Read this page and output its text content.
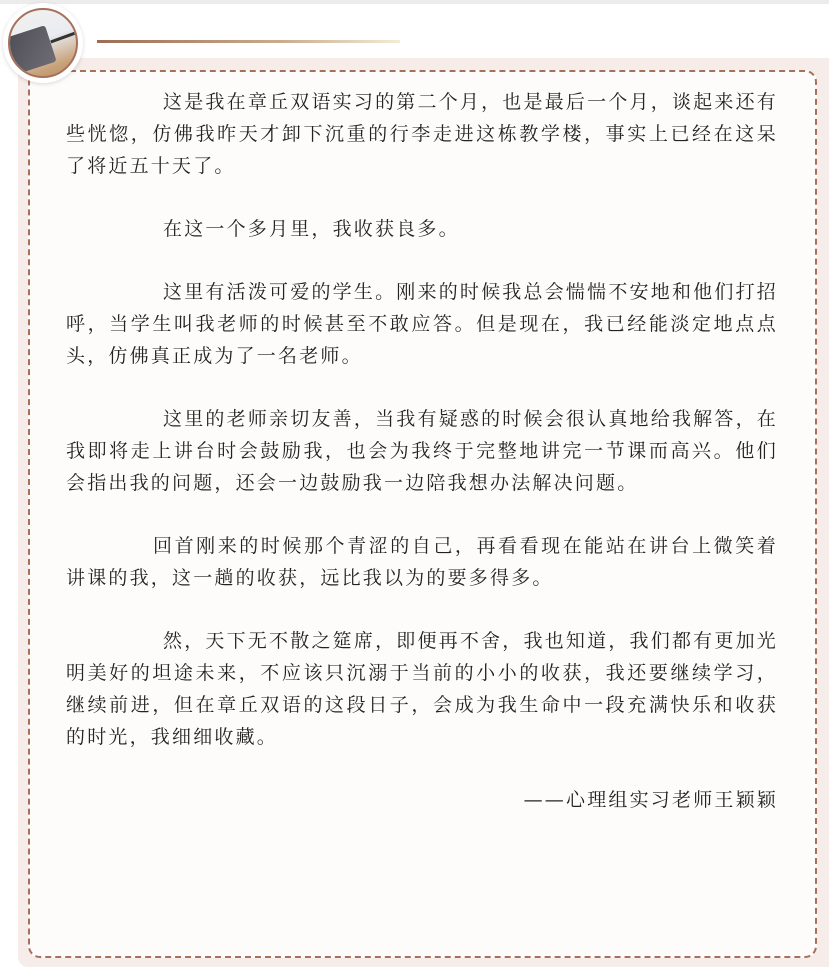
这是我在章丘双语实习的第二个月，也是最后一个月，谈起来还有些恍惚，仿佛我昨天才卸下沉重的行李走进这栋教学楼，事实上已经在这呆了将近五十天了。

在这一个多月里，我收获良多。

这里有活泼可爱的学生。刚来的时候我总会惴惴不安地和他们打招呼，当学生叫我老师的时候甚至不敢应答。但是现在，我已经能淡定地点点头，仿佛真正成为了一名老师。

这里的老师亲切友善，当我有疑惑的时候会很认真地给我解答，在我即将走上讲台时会鼓励我，也会为我终于完整地讲完一节课而高兴。他们会指出我的问题，还会一边鼓励我一边陪我想办法解决问题。

回首刚来的时候那个青涩的自己，再看看现在能站在讲台上微笑着讲课的我，这一趟的收获，远比我以为的要多得多。

然，天下无不散之筵席，即便再不舍，我也知道，我们都有更加光明美好的坦途未来，不应该只沉溺于当前的小小的收获，我还要继续学习，继续前进，但在章丘双语的这段日子，会成为我生命中一段充满快乐和收获的时光，我细细收藏。

——心理组实习老师王颖颖
